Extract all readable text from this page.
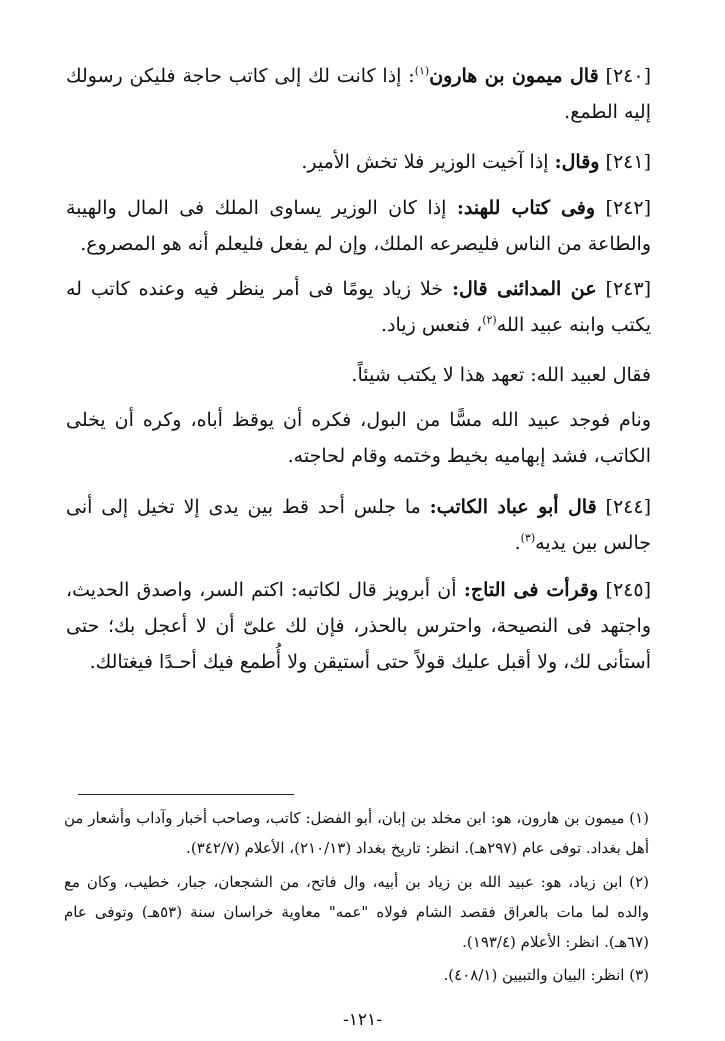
[٢٤٠] قال ميمون بن هارون$^{(١)}$: إذا كانت لك إلى كاتب حاجة فليكن رسولك إليه الطمع.

[٢٤١] وقال: إذا آخيت الوزير فلا تخش الأمير.

[٢٤٢] وفى كتاب للهند: إذا كان الوزير يساوى الملك فى المال والهيبة والطاعة من الناس فليصرعه الملك، وإن لم يفعل فليعلم أنه هو المصروع.

[٢٤٣] عن المدائنى قال: خلا زياد يومًا فى أمر ينظر فيه وعنده كاتب له يكتب وابنه عبيد الله$^{(٢)}$، فنعس زياد.

فقال لعبيد الله: تعهد هذا لا يكتب شيئاً.

ونام فوجد عبيد الله مسًّا من البول، فكره أن يوقظ أباه، وكره أن يخلى الكاتب، فشد إبهاميه بخيط وختمه وقام لحاجته.

[٢٤٤] قال أبو عباد الكاتب: ما جلس أحد قط بين يدى إلا تخيل إلى أنى جالس بين يديه$^{(٣)}$.

[٢٤٥] وقرأت فى التاج: أن أبرويز قال لكاتبه: اكتم السر، واصدق الحديث، واجتهد فى النصيحة، واحترس بالحذر، فإن لك علىّ أن لا أعجل بك؛ حتى أستأنى لك، ولا أقبل عليك قولاً حتى أستيقن ولا أُطمع فيك أحـدًا فيغتالك.

(١) ميمون بن هارون، هو: ابن مخلد بن إبان، أبو الفضل: كاتب، وصاحب أخبار وآداب وأشعار من أهل بغداد. توفى عام (٢٩٧هـ). انظر: تاريخ بغداد (٢١٠/١٣)، الأعلام (٣٤٢/٧).

(٢) ابن زياد، هو: عبيد الله بن زياد بن أبيه، وال فاتح، من الشجعان، جبار، خطيب، وكان مع والده لما مات بالعراق فقصد الشام فولاه "عمه" معاوية خراسان سنة (٥٣هـ) وتوفى عام (٦٧هـ). انظر: الأعلام (١٩٣/٤).

(٣) انظر: البيان والتبيين (٤٠٨/١).

-١٢١-
